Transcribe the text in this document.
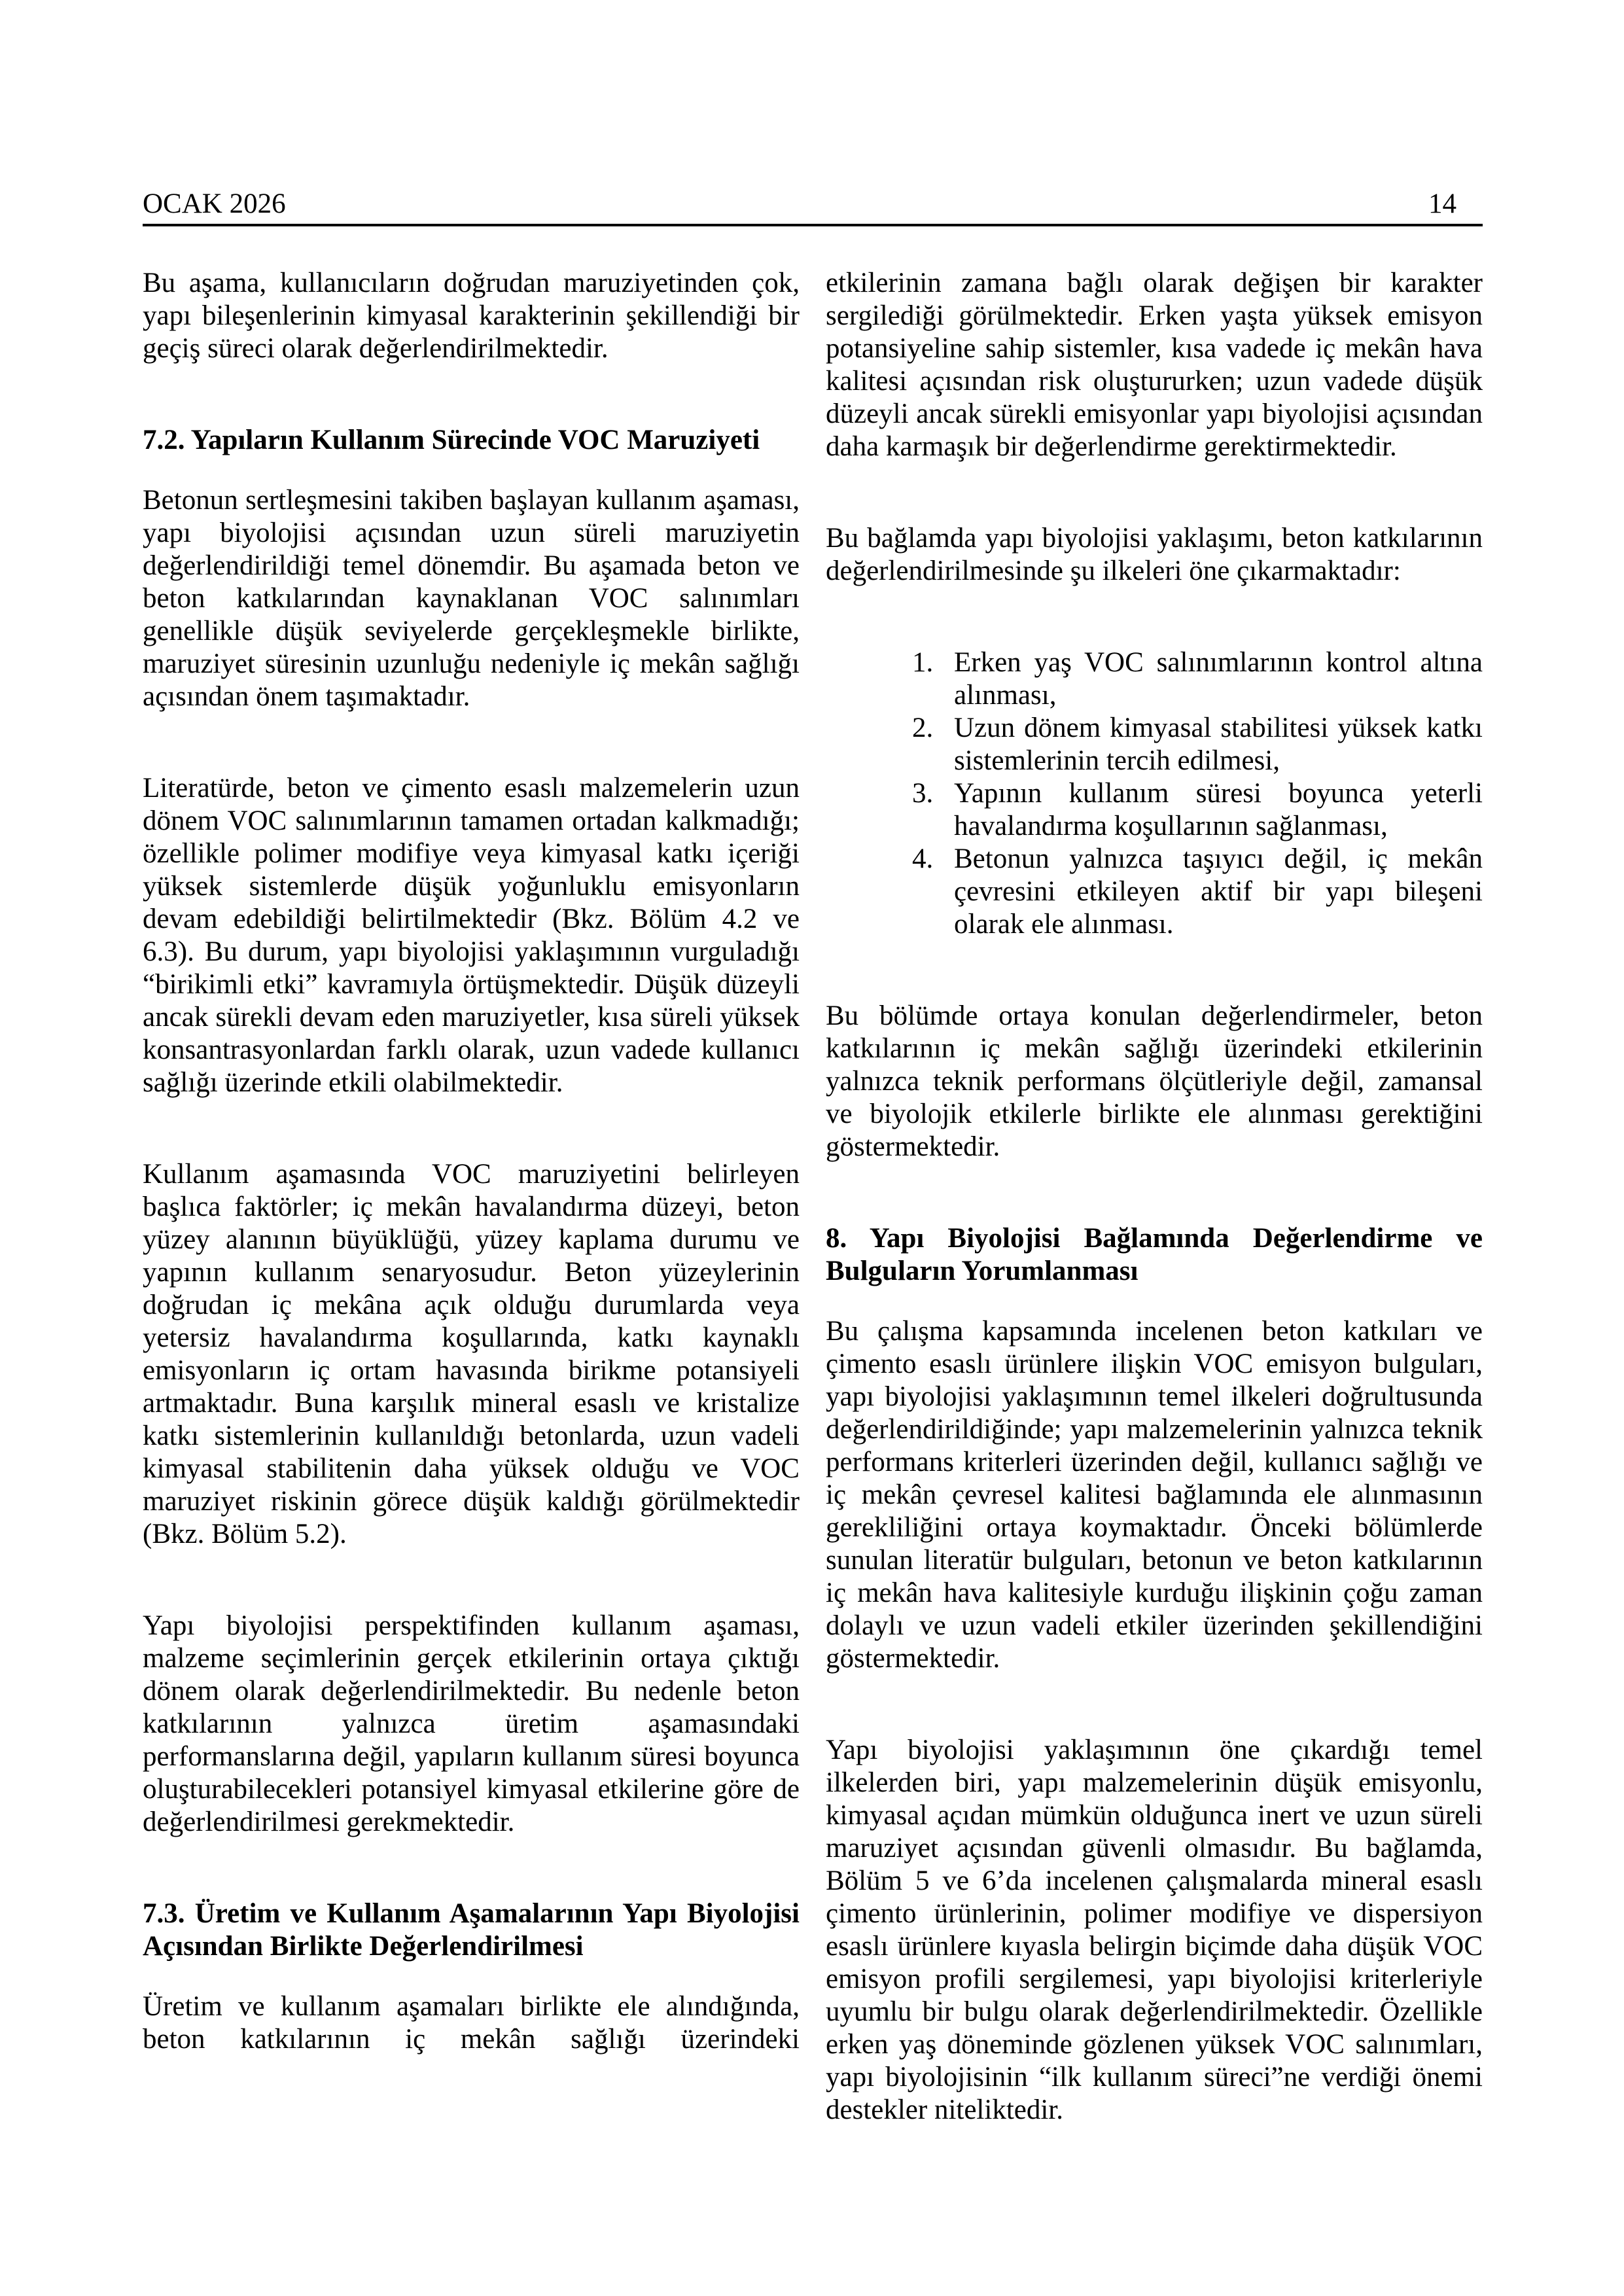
OCAK 2026	14

Bu aşama, kullanıcıların doğrudan maruziyetinden çok, yapı bileşenlerinin kimyasal karakterinin şekillendiği bir geçiş süreci olarak değerlendirilmektedir.

7.2. Yapıların Kullanım Sürecinde VOC Maruziyeti

Betonun sertleşmesini takiben başlayan kullanım aşaması, yapı biyolojisi açısından uzun süreli maruziyetin değerlendirildiği temel dönemdir. Bu aşamada beton ve beton katkılarından kaynaklanan VOC salınımları genellikle düşük seviyelerde gerçekleşmekle birlikte, maruziyet süresinin uzunluğu nedeniyle iç mekân sağlığı açısından önem taşımaktadır.

Literatürde, beton ve çimento esaslı malzemelerin uzun dönem VOC salınımlarının tamamen ortadan kalkmadığı; özellikle polimer modifiye veya kimyasal katkı içeriği yüksek sistemlerde düşük yoğunluklu emisyonların devam edebildiği belirtilmektedir (Bkz. Bölüm 4.2 ve 6.3). Bu durum, yapı biyolojisi yaklaşımının vurguladığı “birikimli etki” kavramıyla örtüşmektedir. Düşük düzeyli ancak sürekli devam eden maruziyetler, kısa süreli yüksek konsantrasyonlardan farklı olarak, uzun vadede kullanıcı sağlığı üzerinde etkili olabilmektedir.

Kullanım aşamasında VOC maruziyetini belirleyen başlıca faktörler; iç mekân havalandırma düzeyi, beton yüzey alanının büyüklüğü, yüzey kaplama durumu ve yapının kullanım senaryosudur. Beton yüzeylerinin doğrudan iç mekâna açık olduğu durumlarda veya yetersiz havalandırma koşullarında, katkı kaynaklı emisyonların iç ortam havasında birikme potansiyeli artmaktadır. Buna karşılık mineral esaslı ve kristalize katkı sistemlerinin kullanıldığı betonlarda, uzun vadeli kimyasal stabilitenin daha yüksek olduğu ve VOC maruziyet riskinin görece düşük kaldığı görülmektedir (Bkz. Bölüm 5.2).

Yapı biyolojisi perspektifinden kullanım aşaması, malzeme seçimlerinin gerçek etkilerinin ortaya çıktığı dönem olarak değerlendirilmektedir. Bu nedenle beton katkılarının yalnızca üretim aşamasındaki performanslarına değil, yapıların kullanım süresi boyunca oluşturabilecekleri potansiyel kimyasal etkilerine göre de değerlendirilmesi gerekmektedir.

7.3. Üretim ve Kullanım Aşamalarının Yapı Biyolojisi Açısından Birlikte Değerlendirilmesi

Üretim ve kullanım aşamaları birlikte ele alındığında, beton katkılarının iç mekân sağlığı üzerindeki

etkilerinin zamana bağlı olarak değişen bir karakter sergilediği görülmektedir. Erken yaşta yüksek emisyon potansiyeline sahip sistemler, kısa vadede iç mekân hava kalitesi açısından risk oluştururken; uzun vadede düşük düzeyli ancak sürekli emisyonlar yapı biyolojisi açısından daha karmaşık bir değerlendirme gerektirmektedir.

Bu bağlamda yapı biyolojisi yaklaşımı, beton katkılarının değerlendirilmesinde şu ilkeleri öne çıkarmaktadır:

1. Erken yaş VOC salınımlarının kontrol altına alınması,
2. Uzun dönem kimyasal stabilitesi yüksek katkı sistemlerinin tercih edilmesi,
3. Yapının kullanım süresi boyunca yeterli havalandırma koşullarının sağlanması,
4. Betonun yalnızca taşıyıcı değil, iç mekân çevresini etkileyen aktif bir yapı bileşeni olarak ele alınması.

Bu bölümde ortaya konulan değerlendirmeler, beton katkılarının iç mekân sağlığı üzerindeki etkilerinin yalnızca teknik performans ölçütleriyle değil, zamansal ve biyolojik etkilerle birlikte ele alınması gerektiğini göstermektedir.

8. Yapı Biyolojisi Bağlamında Değerlendirme ve Bulguların Yorumlanması

Bu çalışma kapsamında incelenen beton katkıları ve çimento esaslı ürünlere ilişkin VOC emisyon bulguları, yapı biyolojisi yaklaşımının temel ilkeleri doğrultusunda değerlendirildiğinde; yapı malzemelerinin yalnızca teknik performans kriterleri üzerinden değil, kullanıcı sağlığı ve iç mekân çevresel kalitesi bağlamında ele alınmasının gerekliliğini ortaya koymaktadır. Önceki bölümlerde sunulan literatür bulguları, betonun ve beton katkılarının iç mekân hava kalitesiyle kurduğu ilişkinin çoğu zaman dolaylı ve uzun vadeli etkiler üzerinden şekillendiğini göstermektedir.

Yapı biyolojisi yaklaşımının öne çıkardığı temel ilkelerden biri, yapı malzemelerinin düşük emisyonlu, kimyasal açıdan mümkün olduğunca inert ve uzun süreli maruziyet açısından güvenli olmasıdır. Bu bağlamda, Bölüm 5 ve 6’da incelenen çalışmalarda mineral esaslı çimento ürünlerinin, polimer modifiye ve dispersiyon esaslı ürünlere kıyasla belirgin biçimde daha düşük VOC emisyon profili sergilemesi, yapı biyolojisi kriterleriyle uyumlu bir bulgu olarak değerlendirilmektedir. Özellikle erken yaş döneminde gözlenen yüksek VOC salınımları, yapı biyolojisinin “ilk kullanım süreci”ne verdiği önemi destekler niteliktedir.
